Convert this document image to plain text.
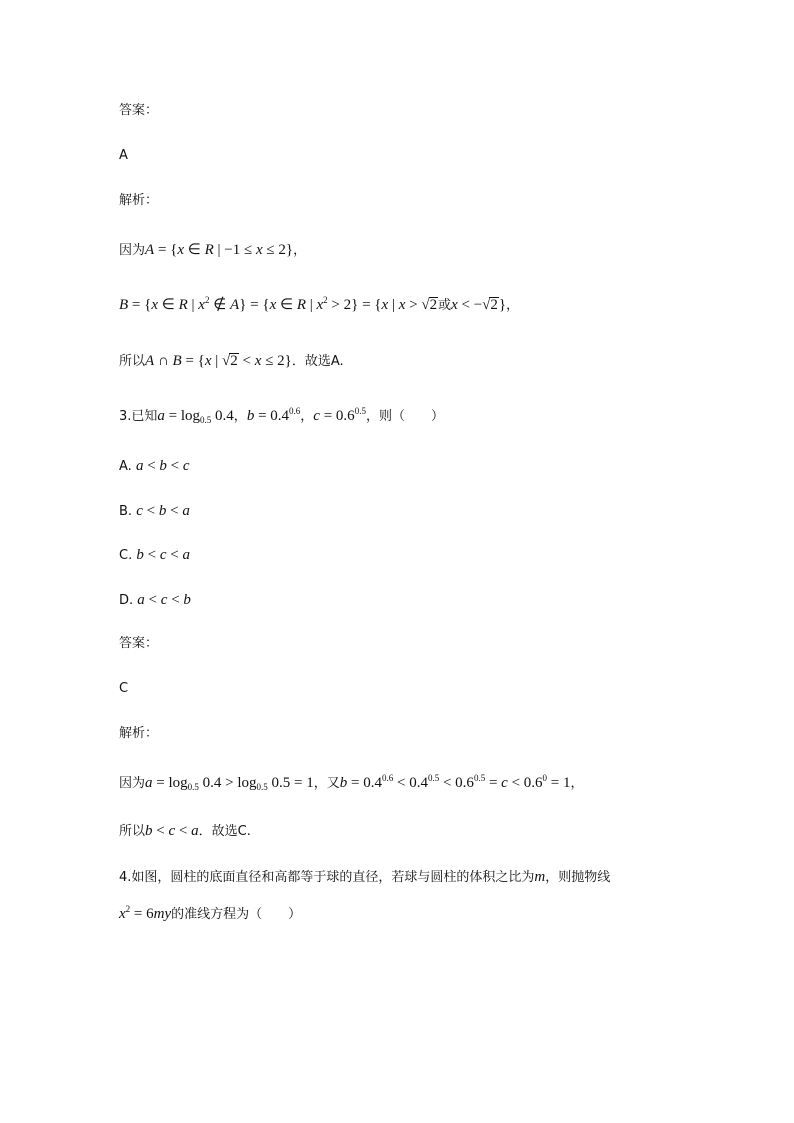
答案：
A
解析：
因为A = {x ∈ R | −1 ≤ x ≤ 2}，
B = {x ∈ R | $x^2$ ∉ A} = {x ∈ R | $x^2 > 2\} = \{x$ | x > √2或x < −√2}，
所以A ∩ B = {x | √2 < x ≤ 2}．故选A.
3.已知$a = \log_{0.5} 0.4$，$b = 0.4^{0.6}$，$c = 0.6^{0.5}$，则（　　）
A. a < b < c
B. c < b < a
C. b < c < a
D. a < c < b
答案：
C
解析：
因为$a = \log_{0.5} 0.4 > \log_{0.5} 0.5 = 1$，又$b = 0.4^{0.6} < 0.4^{0.5} < 0.6^{0.5} = c < 0.6^0 = 1$，
所以b < c < a．故选C.
4.如图，圆柱的底面直径和高都等于球的直径，若球与圆柱的体积之比为m，则抛物线
$x^2 = 6my$的准线方程为（　　）
